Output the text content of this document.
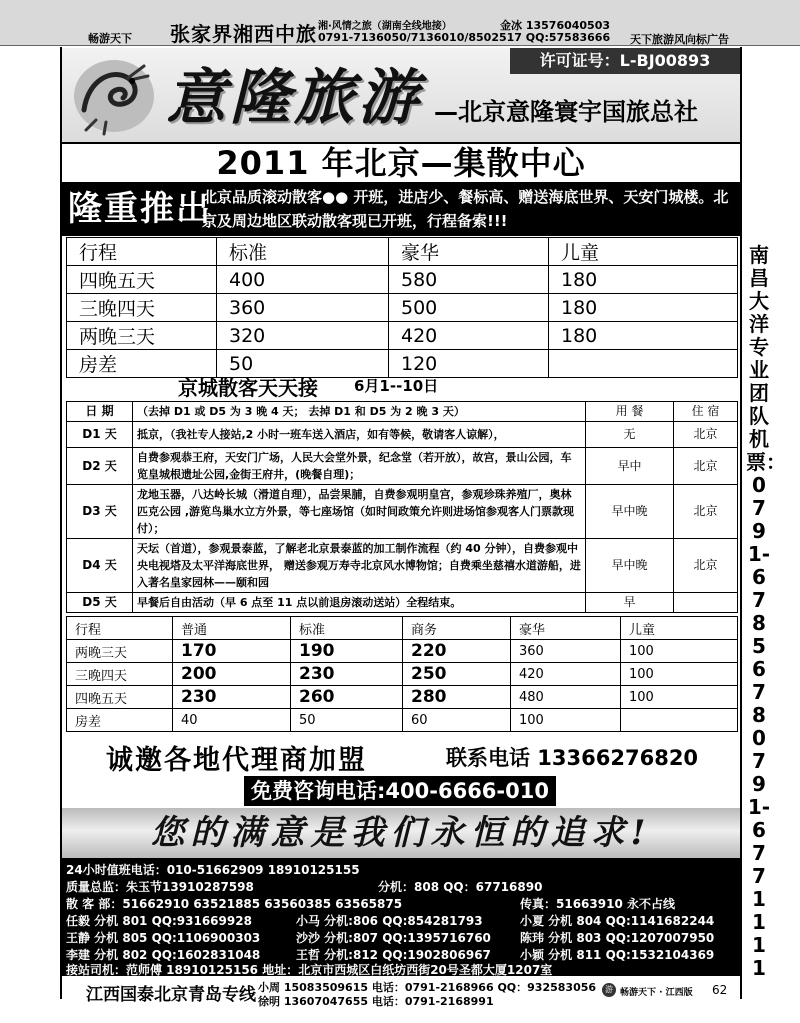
畅游天下 张家界湘西中旅 湘·风情之旅（湖南全线地接）	金冰 13576040503
0791-7136050/7136010/8502517 QQ:57583666 天下旅游风向标广告
意隆旅游 —北京意隆寰宇国旅总社
许可证号：L-BJ00893
2011 年北京—集散中心
隆重推出
北京品质滚动散客●● 开班，进店少、餐标高、赠送海底世界、天安门城楼。北京及周边地区联动散客现已开班，行程备索!!!
行程	标准	豪华	儿童
四晚五天	400	580	180
三晚四天	360	500	180
两晚三天	320	420	180
房差	50	120	
京城散客天天接 6月1--10日
日 期	（去掉 D1 或 D5 为 3 晚 4 天； 去掉 D1 和 D5 为 2 晚 3 天）	用 餐	住 宿
D1 天	抵京，（我社专人接站,2 小时一班车送入酒店，如有等候，敬请客人谅解），	无	北京
D2 天	自费参观恭王府，天安门广场，人民大会堂外景，纪念堂（若开放），故宫，景山公园，车览皇城根遗址公园,金街王府井，(晚餐自理)；	早中	北京
D3 天	龙地玉器，八达岭长城（滑道自理），品尝果脯，自费参观明皇宫，参观珍珠养殖厂，奥林匹克公园 ,游览鸟巢水立方外景，等七座场馆（如时间政策允许则进场馆参观客人门票款现付）；	早中晚	北京
D4 天	天坛（首道），参观景泰蓝，了解老北京景泰蓝的加工制作流程（约 40 分钟），自费参观中央电视塔及太平洋海底世界， 赠送参观万寿寺北京风水博物馆；自费乘坐慈禧水道游船，进入著名皇家园林——颐和园	早中晚	北京
D5 天	早餐后自由活动（早 6 点至 11 点以前退房滚动送站）全程结束。	早	
行程	普通	标准	商务	豪华	儿童
两晚三天	170	190	220	360	100
三晚四天	200	230	250	420	100
四晚五天	230	260	280	480	100
房差	40	50	60	100	
诚邀各地代理商加盟	联系电话 13366276820
免费咨询电话:400-6666-010
您的满意是我们永恒的追求!
24小时值班电话：010-51662909 18910125155
质量总监：朱玉节13910287598	分机：808 QQ：67716890
散 客 部：51662910 63521885 63560385 63565875	传真：51663910 永不占线
任毅 分机 801 QQ:931669928	小马 分机:806 QQ:854281793	小夏 分机 804 QQ:1141682244
王静 分机 805 QQ:1106900303	沙沙 分机:807 QQ:1395716760 陈玮 分机 803 QQ:1207007950
李建 分机 802 QQ:1602831048	王哲 分机:812 QQ:1902806967 小颖 分机 811 QQ:1532104369
接站司机：范师傅 18910125156 地址：北京市西城区白纸坊西街20号圣都大厦1207室
江西国泰北京青岛专线 小周 15083509615 电话：0791-2168966 QQ：932583056
徐明 13607047655 电话：0791-2168991
游 畅游天下 · 江西版 62
南昌大洋专业团队机票：0791-6785678 0791-6771111
